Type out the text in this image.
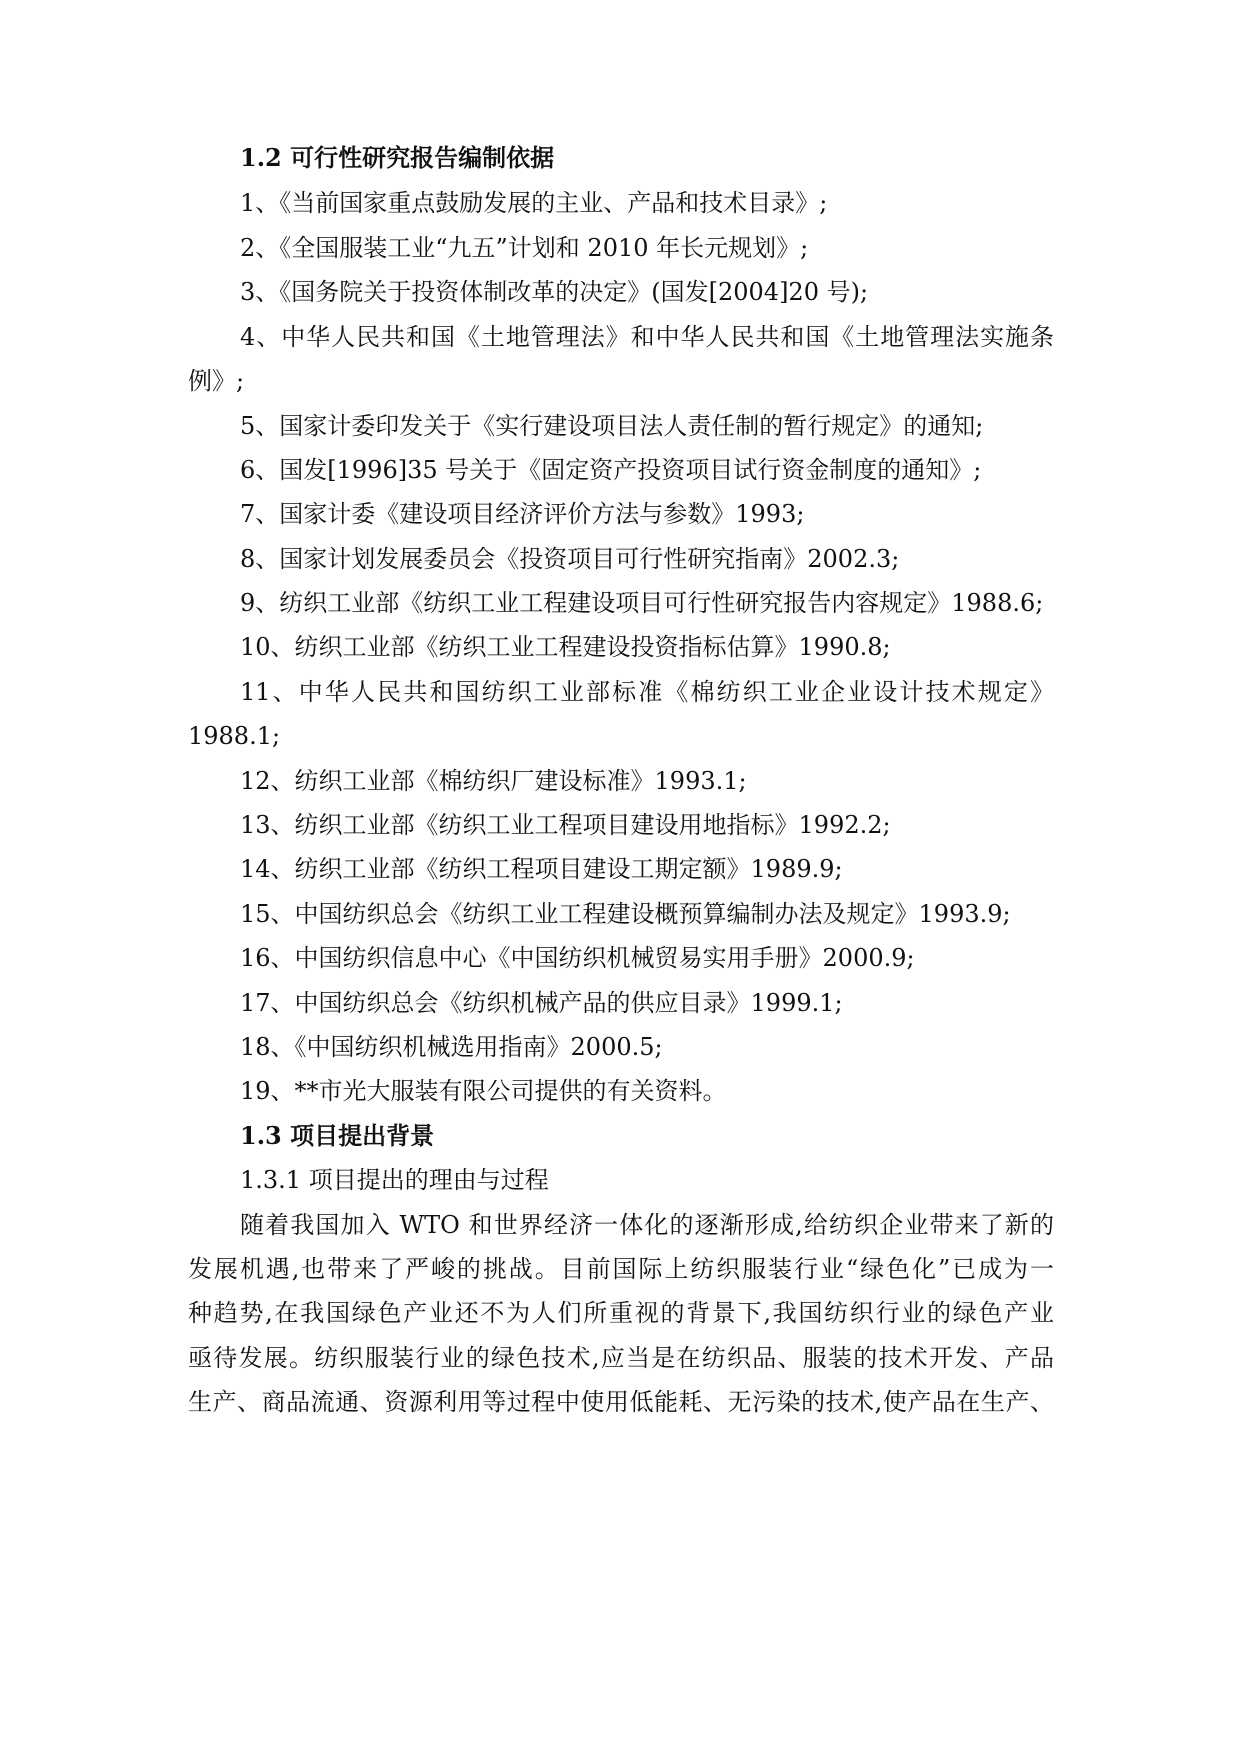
1.2 可行性研究报告编制依据
1、《当前国家重点鼓励发展的主业、产品和技术目录》;
2、《全国服装工业“九五”计划和 2010 年长元规划》;
3、《国务院关于投资体制改革的决定》(国发[2004]20 号);
4、中华人民共和国《土地管理法》和中华人民共和国《土地管理法实施条
例》;
5、国家计委印发关于《实行建设项目法人责任制的暂行规定》的通知;
6、国发[1996]35 号关于《固定资产投资项目试行资金制度的通知》;
7、国家计委《建设项目经济评价方法与参数》1993;
8、国家计划发展委员会《投资项目可行性研究指南》2002.3;
9、纺织工业部《纺织工业工程建设项目可行性研究报告内容规定》1988.6;
10、纺织工业部《纺织工业工程建设投资指标估算》1990.8;
11、中华人民共和国纺织工业部标准《棉纺织工业企业设计技术规定》
1988.1;
12、纺织工业部《棉纺织厂建设标准》1993.1;
13、纺织工业部《纺织工业工程项目建设用地指标》1992.2;
14、纺织工业部《纺织工程项目建设工期定额》1989.9;
15、中国纺织总会《纺织工业工程建设概预算编制办法及规定》1993.9;
16、中国纺织信息中心《中国纺织机械贸易实用手册》2000.9;
17、中国纺织总会《纺织机械产品的供应目录》1999.1;
18、《中国纺织机械选用指南》2000.5;
19、**市光大服装有限公司提供的有关资料。
1.3 项目提出背景
1.3.1 项目提出的理由与过程
随着我国加入 WTO 和世界经济一体化的逐渐形成,给纺织企业带来了新的
发展机遇,也带来了严峻的挑战。目前国际上纺织服装行业“绿色化”已成为一
种趋势,在我国绿色产业还不为人们所重视的背景下,我国纺织行业的绿色产业
亟待发展。纺织服装行业的绿色技术,应当是在纺织品、服装的技术开发、产品
生产、商品流通、资源利用等过程中使用低能耗、无污染的技术,使产品在生产、
